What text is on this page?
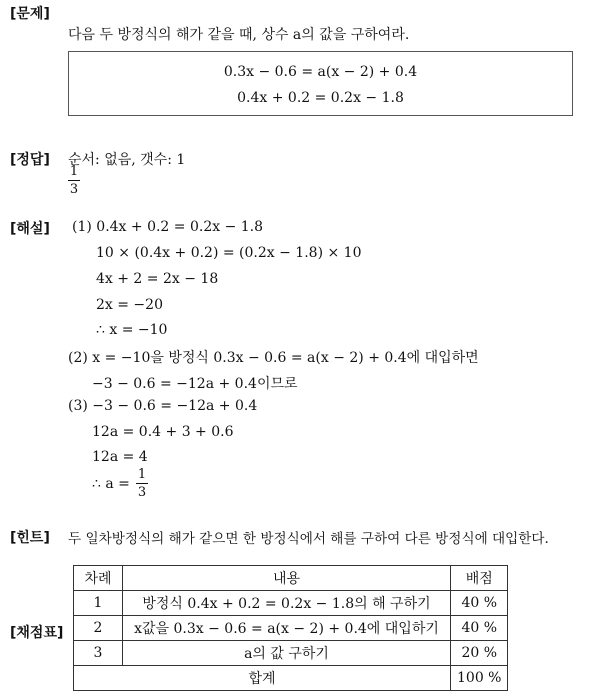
[문제]
다음 두 방정식의 해가 같을 때, 상수 a의 값을 구하여라.
0.3x − 0.6 = a(x − 2) + 0.4
0.4x + 0.2 = 0.2x − 1.8
[정답] 순서: 없음, 갯수: 1
1
3
[해설] (1) 0.4x + 0.2 = 0.2x − 1.8
10 × (0.4x + 0.2) = (0.2x − 1.8) × 10
4x + 2 = 2x − 18
2x = −20
∴ x = −10
(2) x = −10을 방정식 0.3x − 0.6 = a(x − 2) + 0.4에 대입하면
−3 − 0.6 = −12a + 0.4이므로
(3) −3 − 0.6 = −12a + 0.4
12a = 0.4 + 3 + 0.6
12a = 4
∴ a =
1
3
[힌트] 두 일차방정식의 해가 같으면 한 방정식에서 해를 구하여 다른 방정식에 대입한다.
[채점표]
차례	내용	배점
1	방정식 0.4x + 0.2 = 0.2x − 1.8의 해 구하기	40 %
2	x값을 0.3x − 0.6 = a(x − 2) + 0.4에 대입하기	40 %
3	a의 값 구하기	20 %
합계		100 %
